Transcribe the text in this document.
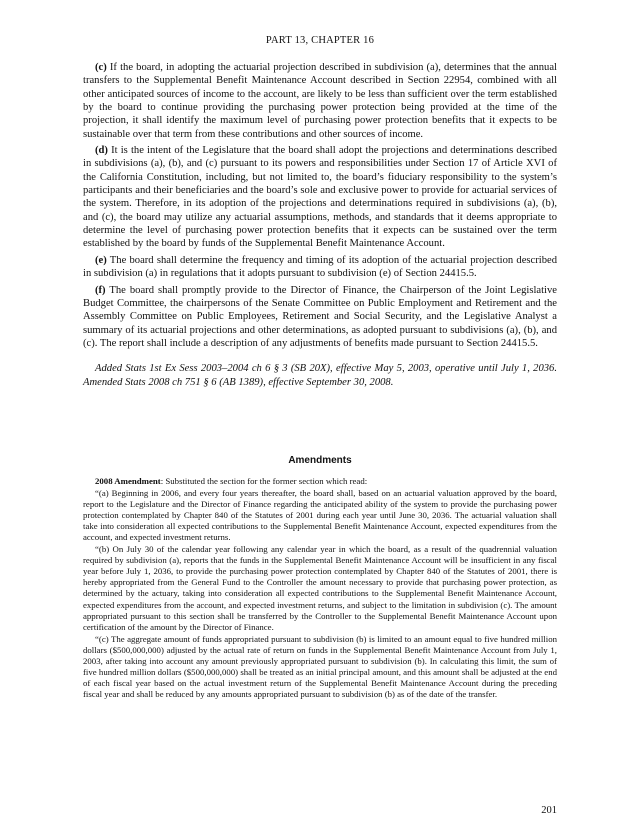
PART 13, CHAPTER 16

(c) If the board, in adopting the actuarial projection described in subdivision (a), determines that the annual transfers to the Supplemental Benefit Maintenance Account described in Section 22954, combined with all other anticipated sources of income to the account, are likely to be less than sufficient over the term established by the board to continue providing the purchasing power protection being provided at the time of the projection, it shall identify the maximum level of purchasing power protection benefits that it expects to be sustainable over that term from these contributions and other sources of income.

(d) It is the intent of the Legislature that the board shall adopt the projections and determinations described in subdivisions (a), (b), and (c) pursuant to its powers and responsibilities under Section 17 of Article XVI of the California Constitution, including, but not limited to, the board’s fiduciary responsibility to the system’s participants and their beneficiaries and the board’s sole and exclusive power to provide for actuarial services of the system. Therefore, in its adoption of the projections and determinations required in subdivisions (a), (b), and (c), the board may utilize any actuarial assumptions, methods, and standards that it deems appropriate to determine the level of purchasing power protection benefits that it expects can be sustained over the term established by the board by funds of the Supplemental Benefit Maintenance Account.

(e) The board shall determine the frequency and timing of its adoption of the actuarial projection described in subdivision (a) in regulations that it adopts pursuant to subdivision (e) of Section 24415.5.

(f) The board shall promptly provide to the Director of Finance, the Chairperson of the Joint Legislative Budget Committee, the chairpersons of the Senate Committee on Public Employment and Retirement and the Assembly Committee on Public Employees, Retirement and Social Security, and the Legislative Analyst a summary of its actuarial projections and other determinations, as adopted pursuant to subdivisions (a), (b), and (c). The report shall include a description of any adjustments of benefits made pursuant to Section 24415.5.

Added Stats 1st Ex Sess 2003–2004 ch 6 § 3 (SB 20X), effective May 5, 2003, operative until July 1, 2036. Amended Stats 2008 ch 751 § 6 (AB 1389), effective September 30, 2008.

Amendments

2008 Amendment: Substituted the section for the former section which read:

“(a) Beginning in 2006, and every four years thereafter, the board shall, based on an actuarial valuation approved by the board, report to the Legislature and the Director of Finance regarding the anticipated ability of the system to provide the purchasing power protection contemplated by Chapter 840 of the Statutes of 2001 during each year until June 30, 2036. The actuarial valuation shall take into consideration all expected contributions to the Supplemental Benefit Maintenance Account, expected expenditures from the account, and expected investment returns.

“(b) On July 30 of the calendar year following any calendar year in which the board, as a result of the quadrennial valuation required by subdivision (a), reports that the funds in the Supplemental Benefit Maintenance Account will be insufficient in any fiscal year before July 1, 2036, to provide the purchasing power protection contemplated by Chapter 840 of the Statutes of 2001, there is hereby appropriated from the General Fund to the Controller the amount necessary to provide that purchasing power protection, as determined by the actuary, taking into consideration all expected contributions to the Supplemental Benefit Maintenance Account, expected expenditures from the account, and expected investment returns, and subject to the limitation in subdivision (c). The amount appropriated pursuant to this section shall be transferred by the Controller to the Supplemental Benefit Maintenance Account upon certification of the amount by the Director of Finance.

“(c) The aggregate amount of funds appropriated pursuant to subdivision (b) is limited to an amount equal to five hundred million dollars ($500,000,000) adjusted by the actual rate of return on funds in the Supplemental Benefit Maintenance Account from July 1, 2003, after taking into account any amount previously appropriated pursuant to subdivision (b). In calculating this limit, the sum of five hundred million dollars ($500,000,000) shall be treated as an initial principal amount, and this amount shall be adjusted at the end of each fiscal year based on the actual investment return of the Supplemental Benefit Maintenance Account during the preceding fiscal year and shall be reduced by any amounts appropriated pursuant to subdivision (b) as of the date of the transfer.

201
